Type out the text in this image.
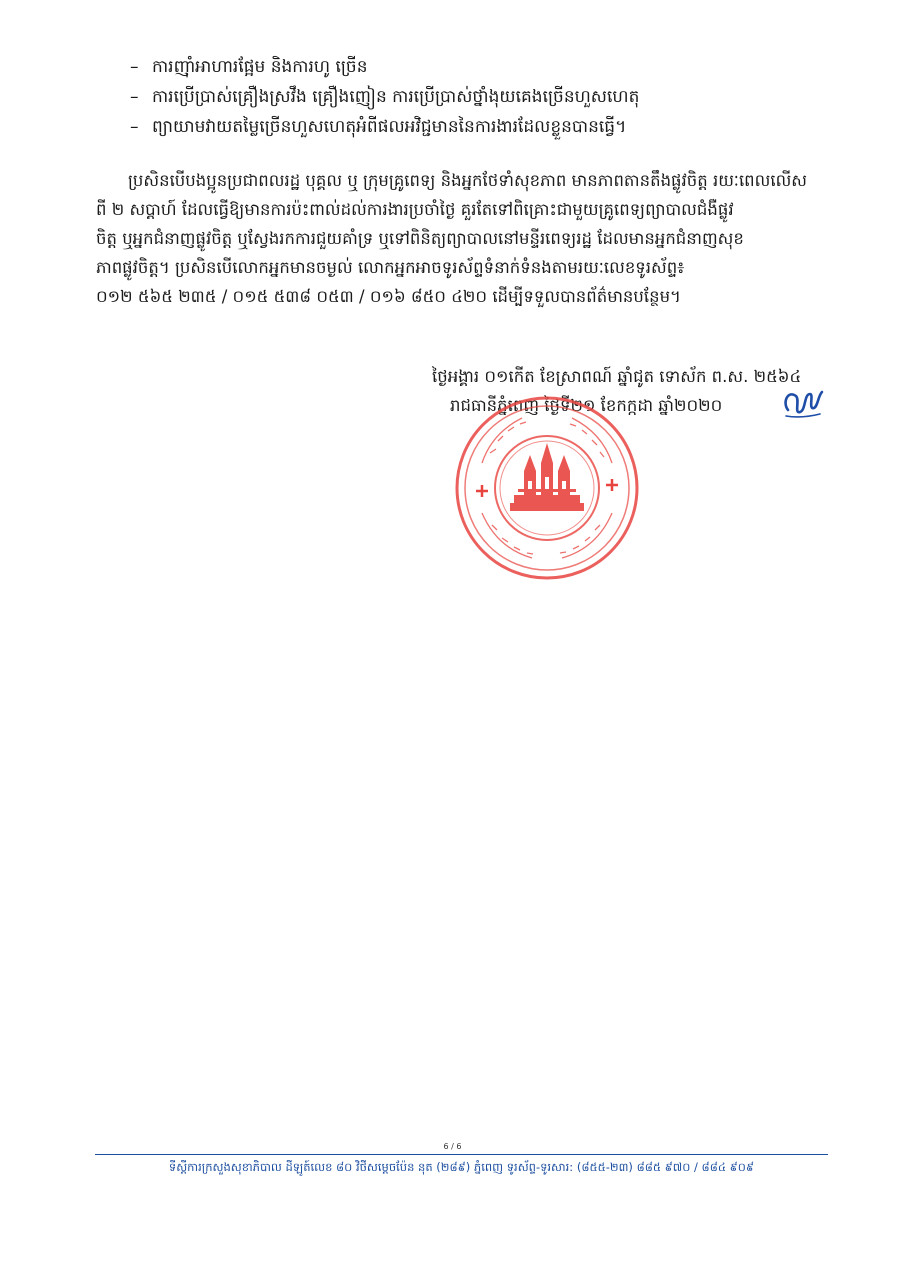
– ការញ៉ាំអាហារផ្អែម និងការហូ ច្រើន
– ការប្រើប្រាស់គ្រឿងស្រវឹង គ្រឿងញៀន ការប្រើប្រាស់ថ្នាំងុយគេងច្រើនហួសហេតុ
– ព្យាយាមវាយតម្លៃច្រើនហួសហេតុអំពីផលអវិជ្ជមាននៃការងារដែលខ្លួនបានធ្វើ។
ប្រសិនបើបងប្អូនប្រជាពលរដ្ឋ បុគ្គល ឬ ក្រុមគ្រូពេទ្យ និងអ្នកថែទាំសុខភាព មានភាពតានតឹងផ្លូវចិត្ត រយៈពេលលើស
ពី ២ សប្តាហ៍ ដែលធ្វើឱ្យមានការប៉ះពាល់ដល់ការងារប្រចាំថ្ងៃ គួរតែទៅពិគ្រោះជាមួយគ្រូពេទ្យព្យាបាលជំងឺផ្លូវ
ចិត្ត ឬអ្នកជំនាញផ្លូវចិត្ត ឬស្វែងរកការជួយគាំទ្រ ឬទៅពិនិត្យព្យាបាលនៅមន្ទីរពេទ្យរដ្ឋ ដែលមានអ្នកជំនាញសុខ
ភាពផ្លូវចិត្ត។ ប្រសិនបើលោកអ្នកមានចម្ងល់ លោកអ្នកអាចទូរស័ព្ទទំនាក់ទំនងតាមរយៈលេខទូរស័ព្ទ៖
០១២ ៥៦៥ ២៣៥ / ០១៥ ៥៣៨ ០៥៣ / ០១៦ ៨៥០ ៤២០ ដើម្បីទទួលបានព័ត៌មានបន្ថែម។
ថ្ងៃអង្គារ ០១កើត ខែស្រាពណ៍ ឆ្នាំជូត ទោស័ក ព.ស. ២៥៦៤
រាជធានីភ្នំពេញ ថ្ងៃទី២១ ខែកក្កដា ឆ្នាំ២០២០
6 / 6
ទីស្តីការក្រសួងសុខាភិបាល ដីឡូត៍លេខ ៨០ វិថីសម្តេចប៉ែន នុត (២៨៩) ភ្នំពេញ ទូរស័ព្ទ-ទូរសារ: (៨៥៥-២៣) ៨៨៥ ៩៧០ / ៨៨៤ ៩០៩
